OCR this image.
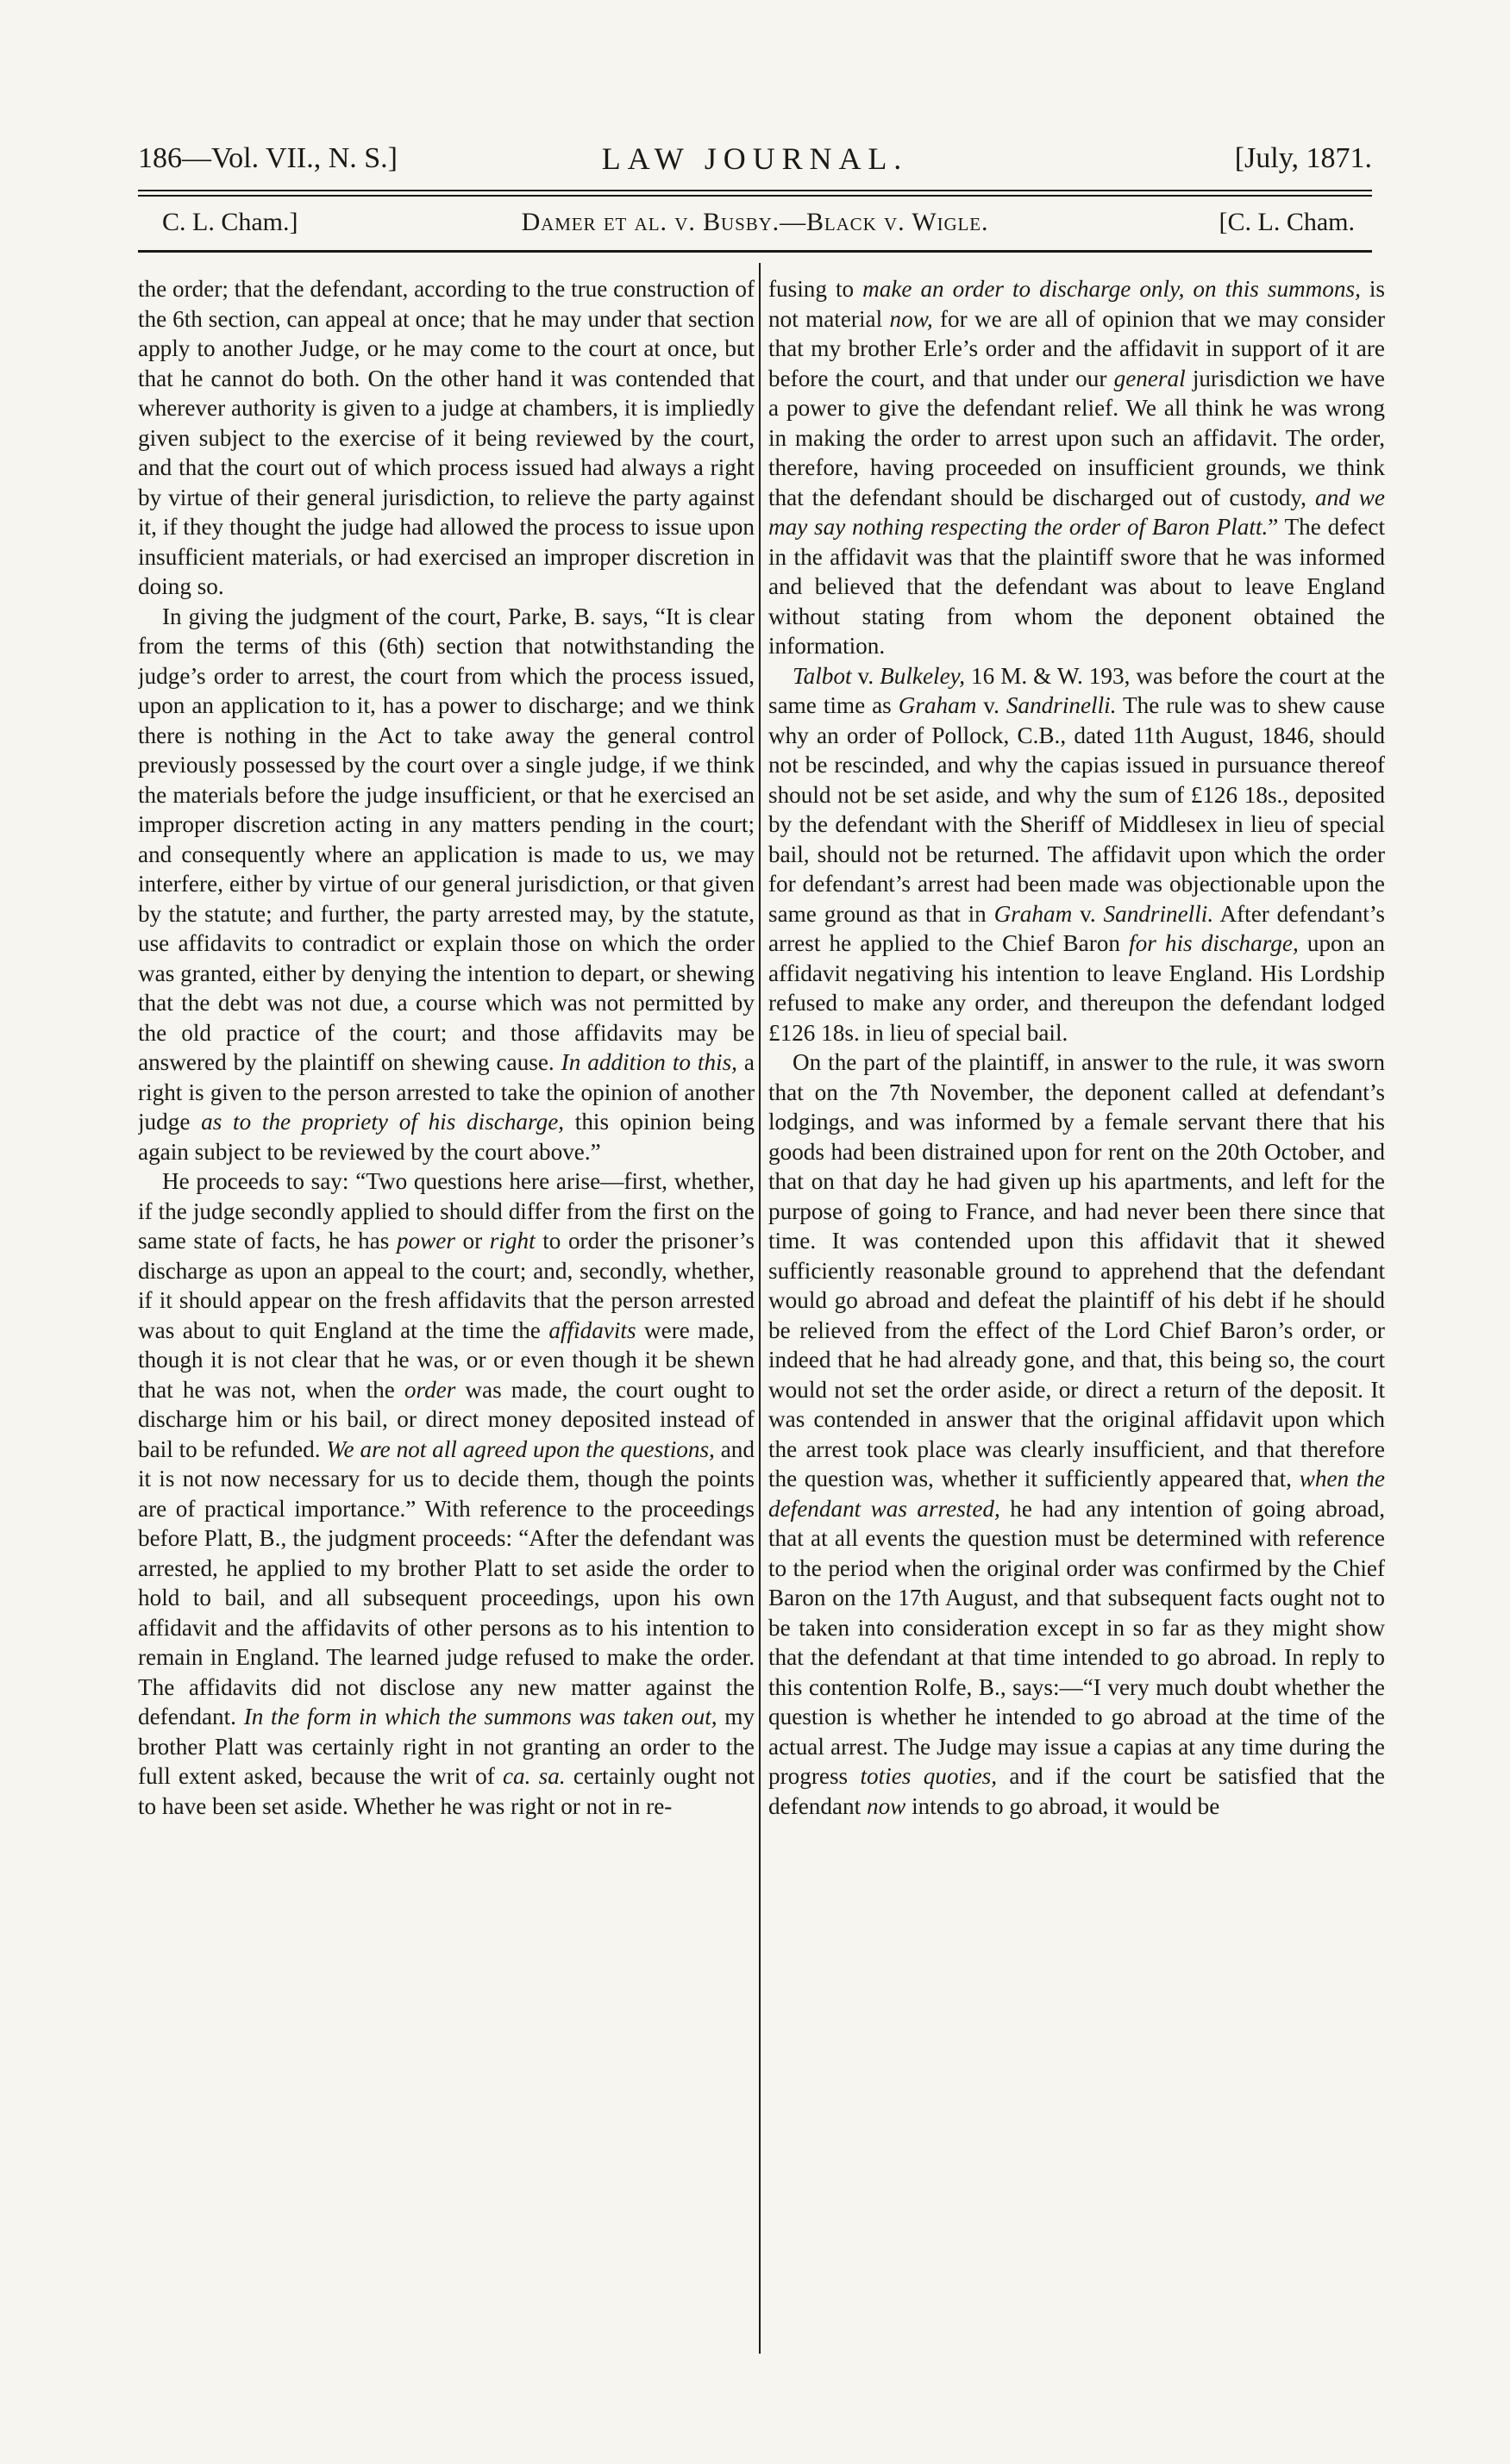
186—Vol. VII., N. S.]	LAW JOURNAL.	[July, 1871.
C. L. Cham.]	Damer et al. v. Busby.—Black v. Wigle.	[C. L. Cham.

the order; that the defendant, according to the true construction of the 6th section, can appeal at once; that he may under that section apply to another Judge, or he may come to the court at once, but that he cannot do both. On the other hand it was contended that wherever authority is given to a judge at chambers, it is impliedly given subject to the exercise of it being reviewed by the court, and that the court out of which process issued had always a right by virtue of their general jurisdiction, to relieve the party against it, if they thought the judge had allowed the process to issue upon insufficient materials, or had exercised an improper discretion in doing so.

In giving the judgment of the court, Parke, B. says, “It is clear from the terms of this (6th) section that notwithstanding the judge’s order to arrest, the court from which the process issued, upon an application to it, has a power to discharge; and we think there is nothing in the Act to take away the general control previously possessed by the court over a single judge, if we think the materials before the judge insufficient, or that he exercised an improper discretion acting in any matters pending in the court; and consequently where an application is made to us, we may interfere, either by virtue of our general jurisdiction, or that given by the statute; and further, the party arrested may, by the statute, use affidavits to contradict or explain those on which the order was granted, either by denying the intention to depart, or shewing that the debt was not due, a course which was not permitted by the old practice of the court; and those affidavits may be answered by the plaintiff on shewing cause. In addition to this, a right is given to the person arrested to take the opinion of another judge as to the propriety of his discharge, this opinion being again subject to be reviewed by the court above.”

He proceeds to say: “Two questions here arise—first, whether, if the judge secondly applied to should differ from the first on the same state of facts, he has power or right to order the prisoner’s discharge as upon an appeal to the court; and, secondly, whether, if it should appear on the fresh affidavits that the person arrested was about to quit England at the time the affidavits were made, though it is not clear that he was, or or even though it be shewn that he was not, when the order was made, the court ought to discharge him or his bail, or direct money deposited instead of bail to be refunded. We are not all agreed upon the questions, and it is not now necessary for us to decide them, though the points are of practical importance.” With reference to the proceedings before Platt, B., the judgment proceeds: “After the defendant was arrested, he applied to my brother Platt to set aside the order to hold to bail, and all subsequent proceedings, upon his own affidavit and the affidavits of other persons as to his intention to remain in England. The learned judge refused to make the order. The affidavits did not disclose any new matter against the defendant. In the form in which the summons was taken out, my brother Platt was certainly right in not granting an order to the full extent asked, because the writ of ca. sa. certainly ought not to have been set aside. Whether he was right or not in re-

fusing to make an order to discharge only, on this summons, is not material now, for we are all of opinion that we may consider that my brother Erle’s order and the affidavit in support of it are before the court, and that under our general jurisdiction we have a power to give the defendant relief. We all think he was wrong in making the order to arrest upon such an affidavit. The order, therefore, having proceeded on insufficient grounds, we think that the defendant should be discharged out of custody, and we may say nothing respecting the order of Baron Platt.” The defect in the affidavit was that the plaintiff swore that he was informed and believed that the defendant was about to leave England without stating from whom the deponent obtained the information.

Talbot v. Bulkeley, 16 M. & W. 193, was before the court at the same time as Graham v. Sandrinelli. The rule was to shew cause why an order of Pollock, C.B., dated 11th August, 1846, should not be rescinded, and why the capias issued in pursuance thereof should not be set aside, and why the sum of £126 18s., deposited by the defendant with the Sheriff of Middlesex in lieu of special bail, should not be returned. The affidavit upon which the order for defendant’s arrest had been made was objectionable upon the same ground as that in Graham v. Sandrinelli. After defendant’s arrest he applied to the Chief Baron for his discharge, upon an affidavit negativing his intention to leave England. His Lordship refused to make any order, and thereupon the defendant lodged £126 18s. in lieu of special bail.

On the part of the plaintiff, in answer to the rule, it was sworn that on the 7th November, the deponent called at defendant’s lodgings, and was informed by a female servant there that his goods had been distrained upon for rent on the 20th October, and that on that day he had given up his apartments, and left for the purpose of going to France, and had never been there since that time. It was contended upon this affidavit that it shewed sufficiently reasonable ground to apprehend that the defendant would go abroad and defeat the plaintiff of his debt if he should be relieved from the effect of the Lord Chief Baron’s order, or indeed that he had already gone, and that, this being so, the court would not set the order aside, or direct a return of the deposit. It was contended in answer that the original affidavit upon which the arrest took place was clearly insufficient, and that therefore the question was, whether it sufficiently appeared that, when the defendant was arrested, he had any intention of going abroad, that at all events the question must be determined with reference to the period when the original order was confirmed by the Chief Baron on the 17th August, and that subsequent facts ought not to be taken into consideration except in so far as they might show that the defendant at that time intended to go abroad. In reply to this contention Rolfe, B., says:—“I very much doubt whether the question is whether he intended to go abroad at the time of the actual arrest. The Judge may issue a capias at any time during the progress toties quoties, and if the court be satisfied that the defendant now intends to go abroad, it would be
